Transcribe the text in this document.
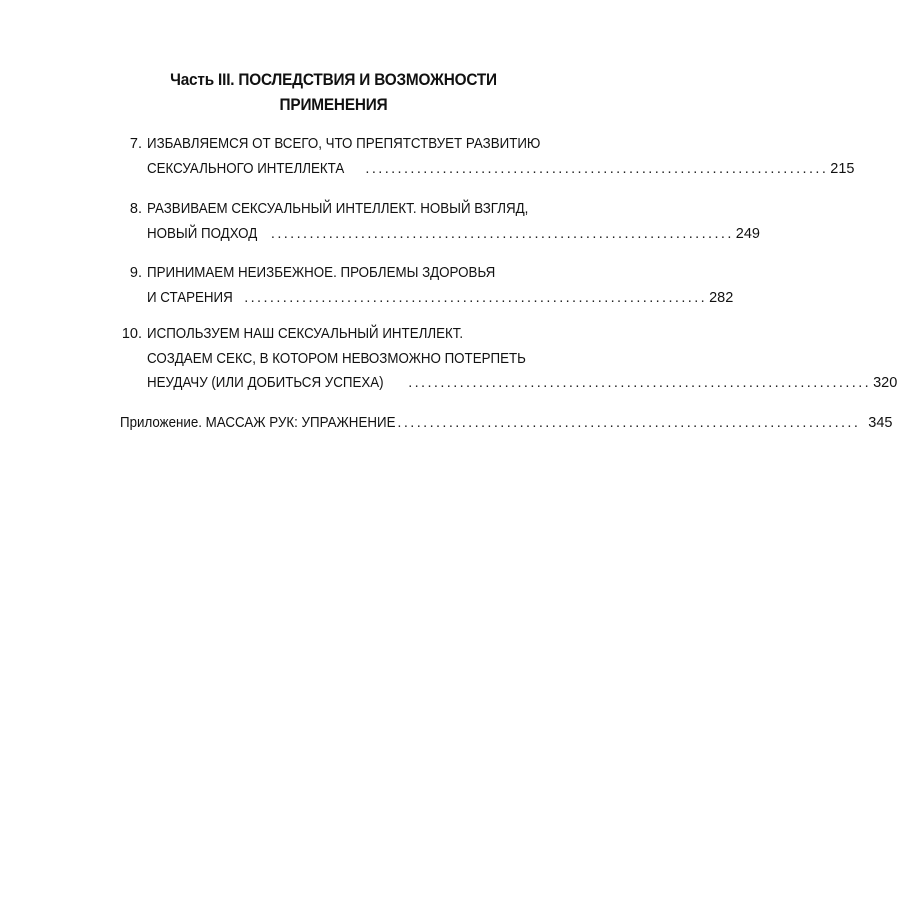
Часть III. ПОСЛЕДСТВИЯ И ВОЗМОЖНОСТИ
ПРИМЕНЕНИЯ
7. ИЗБАВЛЯЕМСЯ ОТ ВСЕГО, ЧТО ПРЕПЯТСТВУЕТ РАЗВИТИЮ
СЕКСУАЛЬНОГО ИНТЕЛЛЕКТА ........................................................................ 215
8. РАЗВИВАЕМ СЕКСУАЛЬНЫЙ ИНТЕЛЛЕКТ. НОВЫЙ ВЗГЛЯД,
НОВЫЙ ПОДХОД ........................................................................ 249
9. ПРИНИМАЕМ НЕИЗБЕЖНОЕ. ПРОБЛЕМЫ ЗДОРОВЬЯ
И СТАРЕНИЯ ........................................................................ 282
10. ИСПОЛЬЗУЕМ НАШ СЕКСУАЛЬНЫЙ ИНТЕЛЛЕКТ.
СОЗДАЕМ СЕКС, В КОТОРОМ НЕВОЗМОЖНО ПОТЕРПЕТЬ
НЕУДАЧУ (ИЛИ ДОБИТЬСЯ УСПЕХА) ........................................................................ 320
Приложение. МАССАЖ РУК: УПРАЖНЕНИЕ ........................................................................ 345
